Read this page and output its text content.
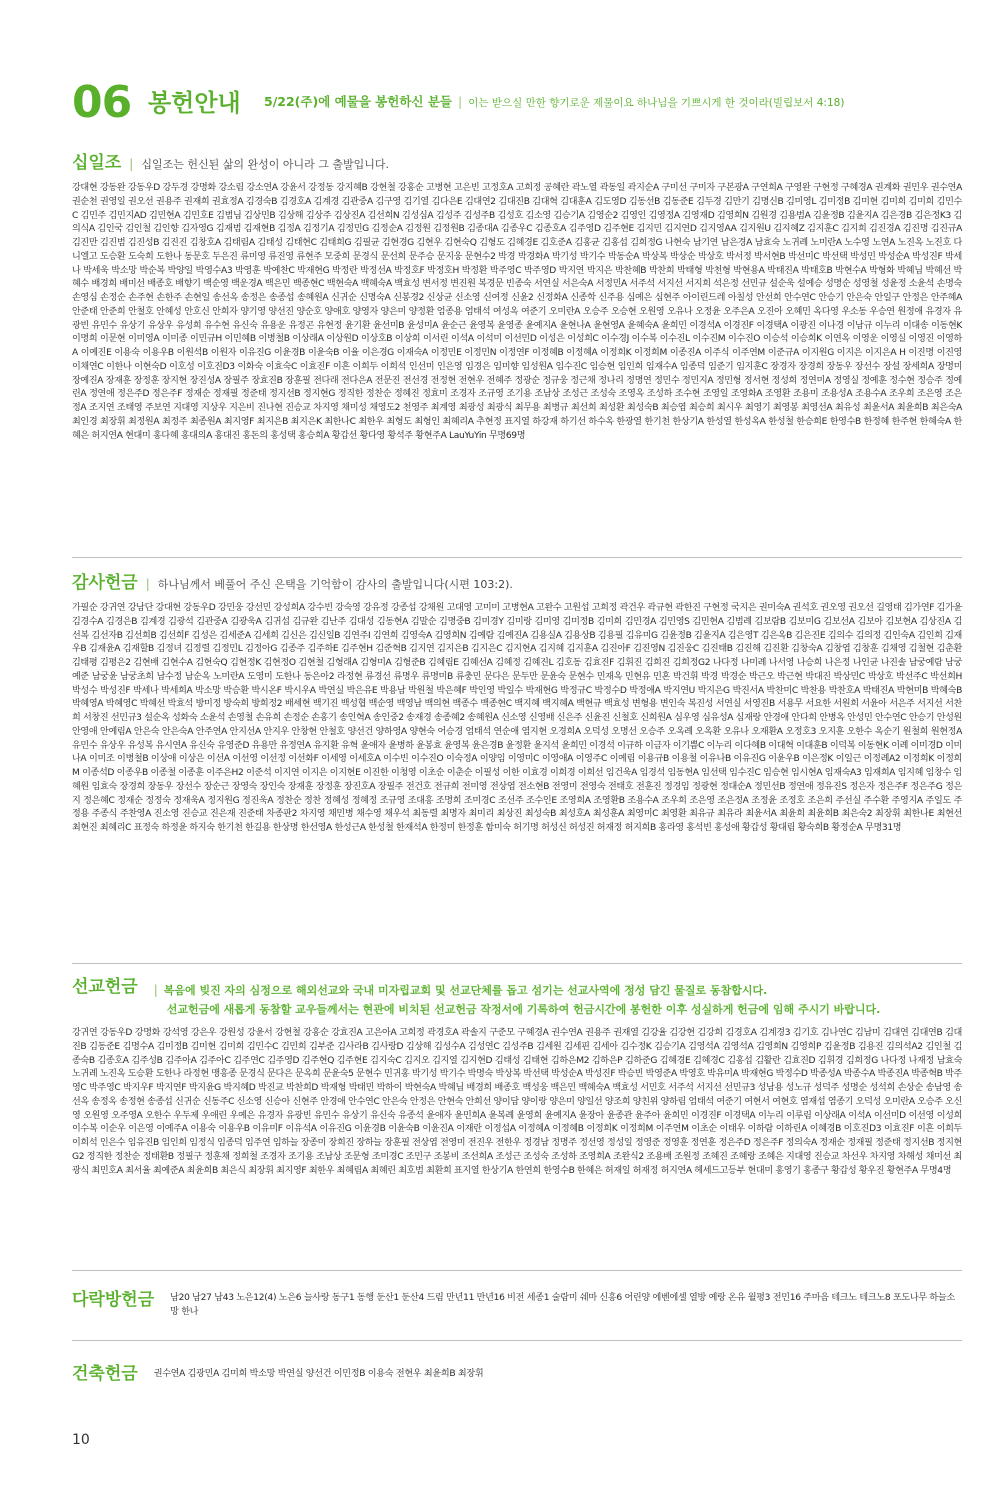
06 봉헌안내 5/22(주)에 예물을 봉헌하신 분들 | 이는 받으실 만한 향기로운 제물이요 하나님을 기쁘시게 한 것이라(빌립보서 4:18)
십일조 | 십일조는 헌신된 삶의 완성이 아니라 그 출발입니다.
강대현 강동완 강동우D 강두경 강명화 강소림 강소연A 강윤서 강정동 강지혜B 강현철 강홍순 고병현 고은빈 고정호A 고희정 공혜란 곽노열 곽동일 곽지순A 구미선 구미자 구본광A 구연희A 구영완 구현정 구혜경A 권계화 권민우 권수연A 권순천 권영일 권오선 권용주 권재희 권효정A 김경숙B 김경호A 김계경 김관중A 김구영 김기열 김다은E 김대연2 김대진B 김대혁 김대훈A 김도영D 김동선B 김동준E 김두경 김만기 김명신B 김미영L 김미정B 김미현 김미희 김미희 김민수C 김민주 김민지AD 김민현A 김민호E 김범님 김상민B 김상해 김상주 김상진A 김선희N 김성심A 김성주 김성주B 김성호 김소영 김승기A 김영순2 김영인 김영정A 김영재D 김영희N 김원경 김용범A 김윤정B 김윤지A 김은경B 김은정K3 김의식A 김인국 김인철 김인향 김자영G 김재범 김재현B 김정A 김정기A 김정민G 김정순A 김정원 김정원B 김종대A 김종우C 김종호A 김주영D 김주현E 김지민 김지연D 김지영AA 김지원U 김지혜Z 김지훈C 김지희 김진경A 김진명 김진규A 김진만 김진범 김진성B 김진진 김창호A 김태림A 김태성 김태현C 김태희G 김필균 김현경G 김현우 김현숙Q 김형도 김혜경E 김호준A 김홍균 김홍섭 김희정G 나현숙 남기연 남은경A 남효숙 노귀례 노미란A 노수영 노연A 노진옥 노진호 다니엘고 도승환 도숙희 도한나 동문호 두은진 류미영 류진영 류현주 모중희 문경식 문선희 문주승 문지웅 문현수2 박경 박경화A 박기성 박기수 박동순A 박상복 박상순 박상호 박서정 박서현B 박선미C 박선택 박성민 박성순A 박성진F 박세나 박세욱 박소망 박순복 박양일 박영수A3 박영훈 박예찬C 박재현G 박정란 박정선A 박정호F 박정호H 박정환 박주영C 박주영D 박지연 박지은 박찬혜B 박찬희 박태형 박천형 박현용A 박태진A 박태호B 박현수A 박형화 박혜님 박혜선 박혜수 배경희 배미선 배종호 배향기 백순영 백운경A 백은민 백종현C 백현숙A 백혜숙A 백효성 변서정 변진원 복경문 빈종숙 서연실 서은숙A 서정민A 서주석 서지선 서지희 석은정 선민규 설순욱 설예승 성명순 성영철 성윤정 소윤석 손명숙 손영심 손정순 손주현 손한주 손현일 송선옥 송정은 송종섭 송혜원A 신귀순 신명숙A 신봉경2 신상균 신소영 신여정 신윤2 신정화A 신종학 신주용 심예은 심현주 아이린드레 아칠성 안선희 안수연C 안승기 안은숙 안일구 안정은 안주혜A 안준태 안준희 안철호 안혜성 안호신 안희자 양기영 양선진 양순호 양애호 양영자 양은미 양정환 엄종용 엄태석 여성옥 여준기 오미란A 오승주 오승현 오원영 오유나 오정윤 오주은A 오진아 오혜민 옥다영 우소동 우승연 원정애 유경자 유광빈 유민수 유상기 유상우 유성희 유수현 유신숙 유용운 유정곤 유현정 윤기환 윤선미B 윤성미A 윤순근 윤영복 윤영종 윤예지A 윤현나A 윤현영A 윤혜숙A 윤희민 이경석A 이경진F 이경택A 이광진 이나경 이남규 이누리 이대송 이동현K 이명희 이문현 이미영A 이미종 이민규H 이민혜B 이병철B 이상래A 이상원D 이상호B 이상희 이서린 이석A 이석미 이선민D 이성은 이성희C 이수경J 이수복 이수진L 이수진M 이수진O 이승석 이승희K 이연옥 이영운 이영실 이영진 이영하A 이예진E 이용숙 이용우B 이원석B 이원자 이유진G 이윤경B 이윤숙B 이율 이은경G 이재숙A 이정민E 이정민N 이정연F 이정혜B 이정혜A 이정희K 이정희M 이종진A 이주식 이주연M 이준규A 이지원G 이지은 이지은A H 이진명 이진영 이채연C 이한나 이현숙D 이호성 이호진D3 이화숙 이효숙C 이효진F 이흔 이희두 이희석 인선미 인은영 임경은 임미향 임성원A 임수진C 임승현 임인희 임재수A 임종덕 임준기 임지훈C 장경자 장경희 장동우 장선수 장설 장세희A 장명미 장예진A 장재훈 장정훈 장지현 장진성A 장필주 장효진B 장훈필 전다래 전다은A 전문진 전선경 전정현 전현우 전혜주 정광순 정규웅 정근채 정나리 정명연 정민수 정민지A 정민형 정서현 정성희 정연미A 정영실 정예훈 정수현 정승주 정예린A 정연애 정은주D 정은주F 정재순 정재필 정준태 정지선B 정지현G 정직한 정찬순 정혜진 정효미 조경자 조규영 조기용 조남상 조성근 조성숙 조영옥 조성하 조수현 조영일 조영화A 조영환 조용미 조용성A 조용수A 조우희 조은영 조은정A 조지연 조태영 주보연 지대영 지상우 지은비 진나현 진승교 차지영 채미성 채영도2 천영주 최계영 최광성 최광식 최무용 최병규 최선희 최성환 최성숙B 최승엽 최승희 최시우 최영기 최영봉 최영선A 최유성 최윤서A 최윤희B 최은숙A 최인경 최장휘 최정원A 최정주 최종원A 최지영F 최지은B 최지은K 최한나C 최한우 최형도 최형인 최혜리A 추현정 표지열 하강재 하기선 하수옥 한광열 한기천 한상기A 한성열 한성옥A 한성철 한승희E 한영수B 한정혜 한주현 한혜숙A 한혜은 허지연A 현대미 홍다혜 홍대의A 홍대진 홍돈의 홍성택 홍승희A 황갑선 황다영 황석주 황현주A LauYuYin 무명69명
감사헌금 | 하나님께서 베풀어 주신 은택을 기억함이 감사의 출발입니다(시편 103:2).
가필순 강귀연 강남단 강대현 강동우D 강민웅 강선민 강성희A 강수빈 강숙영 강유정 강종섭 강채원 고대영 고미미 고병현A 고완수 고원섭 고희정 곽건우 곽규현 곽한진 구현정 국지은 권미숙A 권석호 권오영 권오선 길영태 김가연F 김가윤 김경수A 김경은B 김계경 김광석 김관중A 김광욱A 김귀섭 김규완 김난주 김대성 김동현A 김말순 김명중B 김미경Y 김미랑 김미영 김미정B 김미희 김민경A 김민영S 김민현A 김범례 김보람B 김보미G 김보선A 김보아 김보현A 김상진A 김선복 김선자B 김선희B 김선희F 김성은 김세준A 김세희 김신은 김신일B 김연주I 김연희 김영숙A 김영희N 김예람 김예진A 김용실A 김용상B 김용필 김유미G 김윤정B 김윤지A 김은영T 김은옥B 김은진E 김의수 김의정 김인숙A 김인희 김재우B 김재윤A 김재할B 김정녀 김정렬 김정민L 김정아G 김종주 김주하E 김주현H 김준혁B 김지연 김지은B 김지은C 김지현A 김지혜 김지훈A 김진아F 김진영N 김진웅C 김진태B 김진해 김진환 김창숙A 김창엽 김창훈 김채영 김철현 김춘환 김태평 김평은2 김현배 김현수A 김현숙Q 김현정K 김현정O 김현철 김형래A 김형미A 김형준B 김혜림E 김혜선A 김혜정 김혜진L 김호동 김효진F 김휘진 김희진 김희정G2 나다정 나미례 나서영 나승희 나은정 나인균 나진솔 남궁예람 남궁예준 남궁윤 남궁초희 남수정 남순옥 노미란A 도영미 도한나 동은아2 라정현 류경선 류명우 류명미B 류충민 문다은 문두만 문윤숙 문현수 민재옥 민현유 민혼 박건휘 박경 박경순 박근오 박근현 박대진 박상민C 박상호 박선주C 박선희H 박성수 박성진F 박세나 박세희A 박소망 박승환 박시온F 박시우A 박연실 박은유E 박용남 박원철 박은혜F 박인영 박일수 박재현G 박정규C 박정수D 박정애A 박지연U 박지은G 박진서A 박찬미C 박찬용 박찬호A 박태진A 박현미B 박혜숙B 박혜영A 박혜영C 박혜선 박효석 방미정 방숙희 방희정2 배세현 백기진 백성협 백순영 백영남 백의현 백종수 백종현C 백지혜 백지혜A 백현규 백효성 변형용 변인숙 복진성 서연실 서영진B 서용무 서요한 서원희 서윤아 서은주 서지선 서찬희 서창진 선민규3 설순옥 성화숙 소윤석 손영철 손유희 손정순 손홍기 송인혁A 송인중2 송재경 송종혜2 송혜원A 신소영 신영배 신은주 신윤진 신철호 신희원A 심우영 심유성A 심재랑 안경애 안다희 안병옥 안성민 안수연C 안승기 안성원 안영애 안예림A 안은숙 안은숙A 안주연A 안지선A 안지우 안창현 안철호 양선건 양하영A 양현숙 어승경 엄태석 연순애 염지현 오경희A 오덕성 오명선 오승주 오옥례 오옥환 오유나 오재환A 오정호3 오지훈 오한수 옥순기 원철희 원현정A 유민수 유상우 유성복 유시연A 유신숙 유영준D 유용만 유정연A 유지환 유혁 윤애자 윤병하 윤봉효 윤영복 윤은경B 윤정환 윤지석 윤희민 이경석 이규하 이금자 이기쁨C 이누리 이다혜B 이대혁 이대훈B 이덕복 이동현K 이례 이미경D 이미나A 이미조 이병철B 이상애 이상은 이선A 이선영 이선정 이선화F 이세영 이세호A 이수빈 이수진O 이숙정A 이양임 이영미C 이영애A 이영주C 이예림 이용규B 이용철 이유나B 이유진G 이윤우B 이은정K 이일근 이정례A2 이정희K 이정희M 이종석D 이종우B 이종철 이종훈 이주은H2 이준석 이지연 이지은 이지현E 이진한 이청영 이초순 이춘순 이필성 이한 이효경 이희경 이희선 임건욱A 임경석 임동현A 임선택 임수진C 임승현 임시현A 임재숙A3 임재희A 임지혜 임창수 임혜원 임효숙 장경희 장동우 장선수 장순근 장영숙 장인숙 장재훈 장정훈 장진호A 장필주 전건호 전규희 전미영 전상엽 전소현B 전영미 전영숙 전태호 전훈진 정경임 정광현 정대순A 정민선B 정연애 정유진S 정은자 정은주F 정은주G 정은지 정은혜C 정재순 정정숙 정재욱A 정지원G 정진욱A 정찬순 정찬 정혜성 정혜정 조규영 조대흥 조명희 조미경C 조선주 조수인E 조영희A 조영환B 조용수A 조우희 조은영 조은정A 조정윤 조정호 조은희 주선실 주수환 주영지A 주일도 주정용 주종식 주찬영A 진소영 진승교 진은재 진준태 차종판2 차지영 채민병 채수영 채우석 최동렬 최명자 최미리 최상진 최성숙B 최성호A 최성훈A 최영미C 최영환 최유규 최유라 최윤서A 최윤희 최윤희B 최은숙2 최장휘 최한나E 최현선 최현진 최혜리C 표정숙 하정윤 하지숙 한기천 한길용 한상명 한선영A 한성근A 한성철 한재석A 한정미 한정훈 함미숙 허기명 허성신 허성진 허재정 허지희B 홍라영 홍석빈 홍성애 황갑성 황대림 황숙희B 황정순A 무명31명
선교헌금 | 복음에 빚진 자의 심정으로 해외선교와 국내 미자립교회 및 선교단체를 돕고 섬기는 선교사역에 정성 담긴 물질로 동참합시다.
선교헌금에 새롭게 동참할 교우들께서는 현관에 비치된 선교헌금 작정서에 기록하여 헌금시간에 봉헌한 이후 성실하게 헌금에 임해 주시기 바랍니다.
강귀연 강동우D 강명화 강석영 강은우 강원성 강윤서 강현철 강홍순 강효진A 고은아A 고희정 곽경호A 곽솔지 구준모 구혜경A 권수연A 권용주 권재열 김강율 김강현 김강희 김경호A 김계경3 김기호 김나연C 김남미 김대연 김대연B 김대진B 김동준E 김명수A 김미정B 김미현 김미희 김민수C 김민희 김부준 김사라B 김사랑D 김상해 김성수A 김성연C 김성주B 김세원 김세핀 김세아 김수정K 김승기A 김영석A 김영석A 김영희N 김영희P 김윤정B 김용진 김의석A2 김인철 김종숙B 김종호A 김주성B 김주아A 김주아C 김주연C 김주영D 김주현Q 김주현E 김지숙C 김지오 김지열 김지현D 김태성 김태현 김하은M2 김하은P 김하준G 김혜경E 김혜경C 김홍섭 김활란 김효진D 김휘경 김희정G 나다정 나재정 남효숙 노귀례 노진옥 도승환 도한나 라정현 맹흥종 문경식 문다은 문옥희 문윤숙5 문현수 민귀홍 박기성 박기수 박명숙 박상복 박선택 박성순A 박성진F 박승빈 박영준A 박영호 박유미A 박재현G 박정수D 박종성A 박종수A 박종진A 박종혁B 박주영C 박주영C 박지우F 박지연F 박지윤G 박지혜D 박진교 박찬희D 박재형 박태민 박하이 박현숙A 박혜님 배경희 배종호 백성웅 백은민 백혜숙A 백효성 서민호 서주석 서지선 선민규3 성남용 성노규 성덕주 성명순 성석희 손상순 송남영 송선옥 송정옥 송정현 송종섭 신귀순 신동주C 신소영 신승아 신현주 안경애 안수연C 안은숙 안정은 안현숙 안희선 양이담 양이랑 양은미 양일선 양조희 양친위 양하림 엄태석 여준기 여현서 여현호 염재섭 염종기 오덕성 오미란A 오승주 오신영 오원영 오주영A 오한수 우두제 우애린 우예은 유경자 유광빈 유민수 유상기 유신숙 유종석 윤애자 윤민희A 윤복례 윤영희 윤예지A 윤장아 윤종관 윤주아 윤희민 이경진F 이경택A 이누리 이루림 이상래A 이석A 이선미D 이선영 이성희 이수복 이순우 이은영 이예주A 이용숙 이용우B 이유미F 이유석A 이유진G 이윤경B 이윤숙B 이윤진A 이재란 이정섭A 이정혜A 이정혜B 이정희K 이정희M 이주연M 이초순 이태우 이하람 이하린A 이혜경B 이호진D3 이효진F 이흔 이희두 이희석 인은수 임유진B 임인희 임정식 임종덕 임주연 임하늘 장종미 장희진 장하늘 장훈필 전상엽 전영미 전진우 전한우 정경남 정명주 정선영 정성일 정영준 정영훈 정연훈 정은주D 정은주F 정의숙A 정재순 정재필 정준태 정지선B 정지현G2 정직한 정찬순 정태환B 정필구 정훈채 정희철 조경자 조기용 조남상 조문형 조미경C 조민구 조봉비 조선희A 조성근 조성숙 조성하 조영희A 조완식2 조용배 조원정 조혜진 조혜랑 조혜은 지대영 진승교 차선우 차지영 차해성 채미선 최광식 최민호A 최서율 최예준A 최윤희B 최은식 최장휘 최지영F 최한우 최혜림A 최혜린 최호범 최환희 표지열 한상기A 한연희 한영수B 한혜은 허재일 허재정 허지연A 헤세드고등부 현대미 홍영기 홍종구 황갑성 황우진 황현주A 무명4명
다락방헌금 남20 남27 남43 노은12(4) 노은6 늘사랑 동구1 동행 둔산1 둔산4 드림 만년11 만년16 비전 세종1 술람미 쉐마 신흥6 어린양 에벤에셀 열방 예랑 온유 월평3 전민16 주마음 테크노 테크노8 포도나무 하늘소망 한나
건축헌금 권수연A 김광민A 김미희 박소망 박연실 양선건 이민정B 이용숙 전현우 최윤희B 최장휘
10
